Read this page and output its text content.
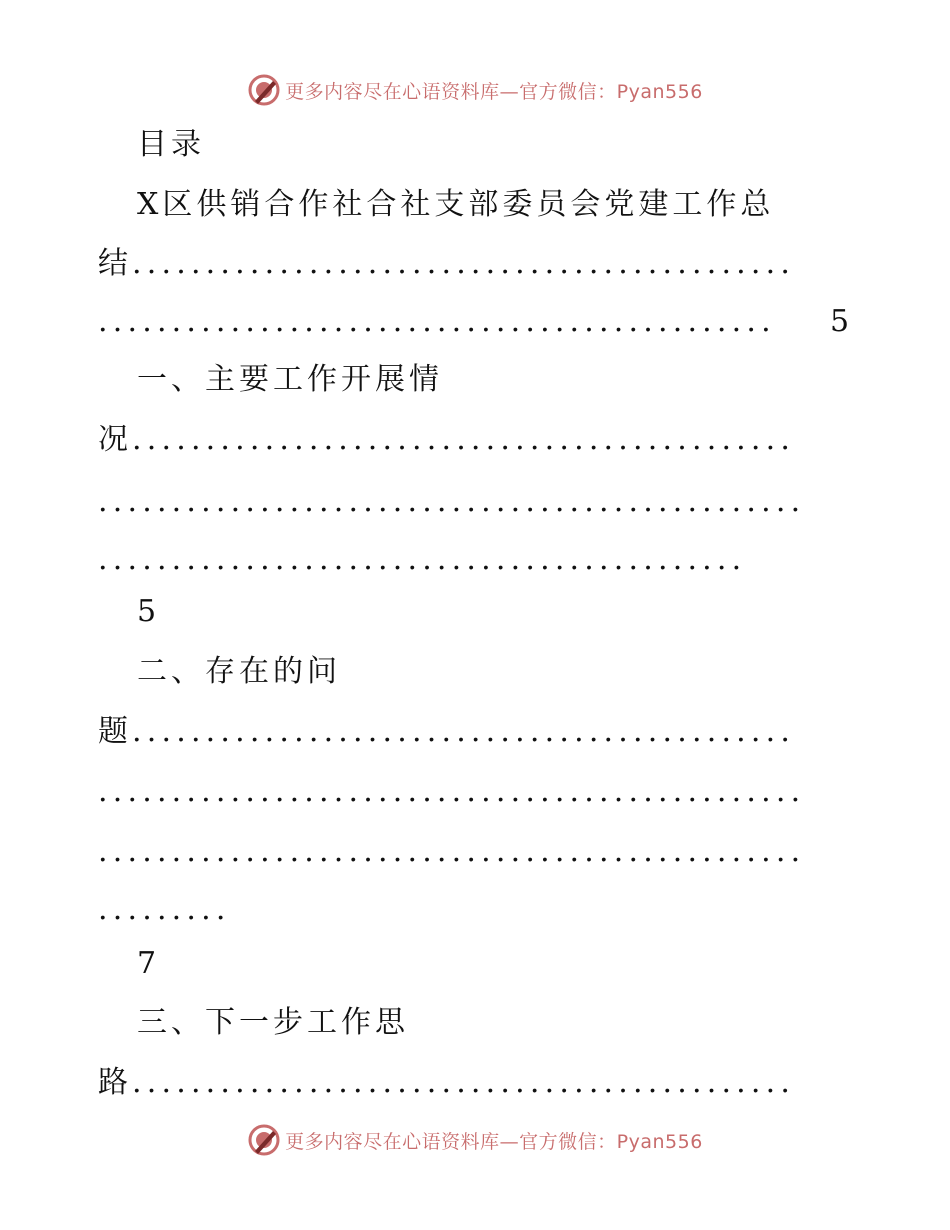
更多内容尽在心语资料库—官方微信：Pyan556
目录
X区供销合作社合社支部委员会党建工作总
结.............................................
.............................................. 5
一、主要工作开展情
况.............................................
................................................
............................................
5
二、存在的问
题.............................................
................................................
................................................
.........
7
三、下一步工作思
路.............................................
更多内容尽在心语资料库—官方微信：Pyan556
